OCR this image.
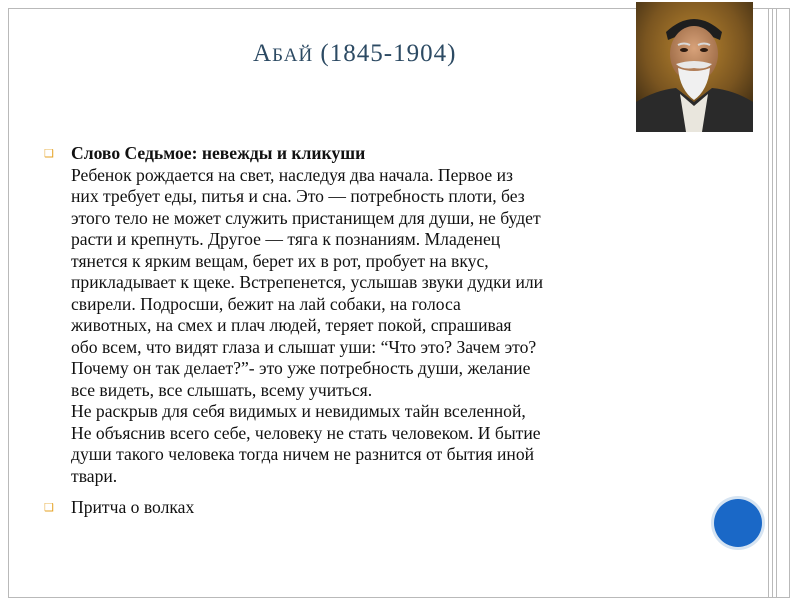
АБАЙ (1845-1904)
❑ Слово Седьмое: невежды и кликуши
Ребенок рождается на свет, наследуя два начала. Первое из
них требует еды, питья и сна. Это — потребность плоти, без
этого тело не может служить пристанищем для души, не будет
расти и крепнуть. Другое — тяга к познаниям. Младенец
тянется к ярким вещам, берет их в рот, пробует на вкус,
прикладывает к щеке. Встрепенется, услышав звуки дудки или
свирели. Подросши, бежит на лай собаки, на голоса
животных, на смех и плач людей, теряет покой, спрашивая
обо всем, что видят глаза и слышат уши: “Что это? Зачем это?
Почему он так делает?”- это уже потребность души, желание
все видеть, все слышать, всему учиться.
Не раскрыв для себя видимых и невидимых тайн вселенной,
Не объяснив всего себе, человеку не стать человеком. И бытие
души такого человека тогда ничем не разнится от бытия иной
твари.
❑ Притча о волках
